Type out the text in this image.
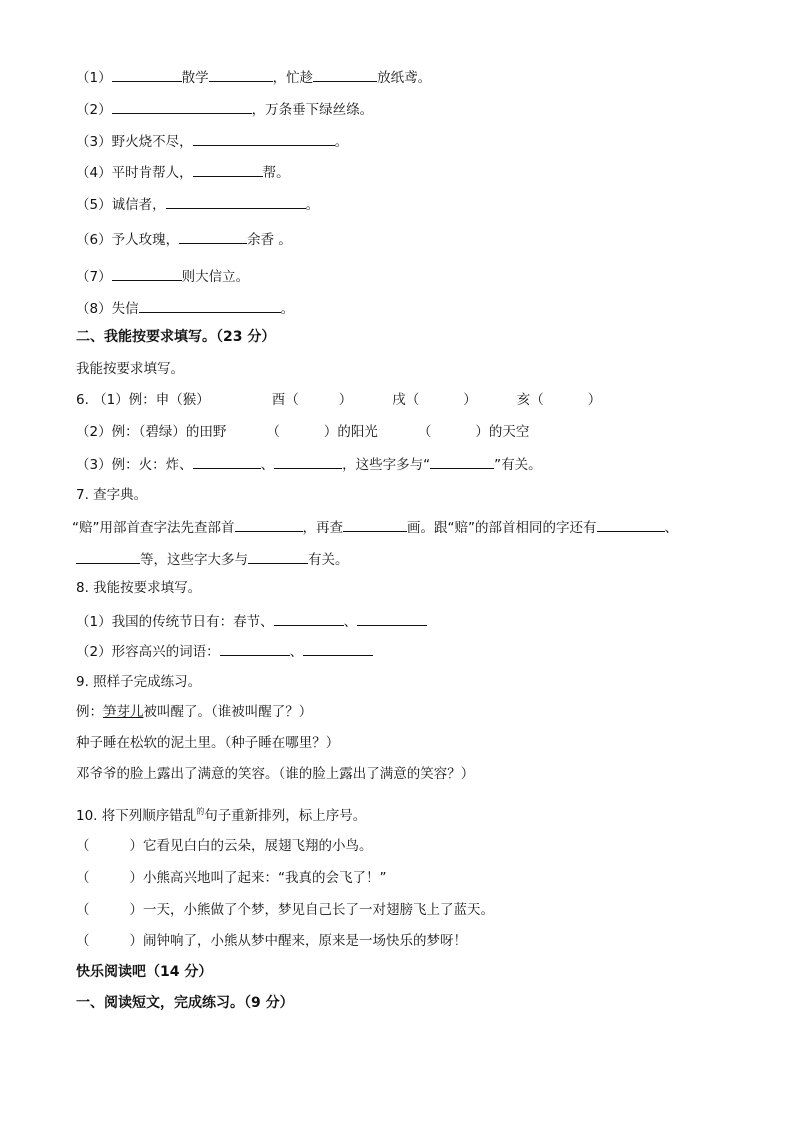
（1）	散学	，忙趁	放纸鸢。
（2）	，万条垂下绿丝绦。
（3）野火烧不尽，	。
（4）平时肯帮人，	帮。
（5）诚信者，	。
（6）予人玫瑰，	余香 。
（7）	则大信立。
（8）失信	。
二、我能按要求填写。（23 分）
我能按要求填写。
6. （1）例：申（猴）	酉（	）	戌（	）	亥（	）
（2）例：（碧绿）的田野	（	）的阳光	（	）的天空
（3）例：火：炸、	、	，这些字多与“	”有关。
7. 查字典。
“赔”用部首查字法先查部首	，再查	画。跟“赔”的部首相同的字还有	、
等，这些字大多与	有关。
8. 我能按要求填写。
（1）我国的传统节日有：春节、	、
（2）形容高兴的词语：	、
9. 照样子完成练习。
例：笋芽儿被叫醒了。（谁被叫醒了？）
种子睡在松软的泥土里。（种子睡在哪里？）
邓爷爷的脸上露出了满意的笑容。（谁的脸上露出了满意的笑容？）
10. 将下列顺序错乱$^的$句子重新排列，标上序号。
（	）它看见白白的云朵，展翅飞翔的小鸟。
（	）小熊高兴地叫了起来：“我真的会飞了！”
（	）一天，小熊做了个梦，梦见自己长了一对翅膀飞上了蓝天。
（	）闹钟响了，小熊从梦中醒来，原来是一场快乐的梦呀！
快乐阅读吧（14 分）
一、阅读短文，完成练习。（9 分）
